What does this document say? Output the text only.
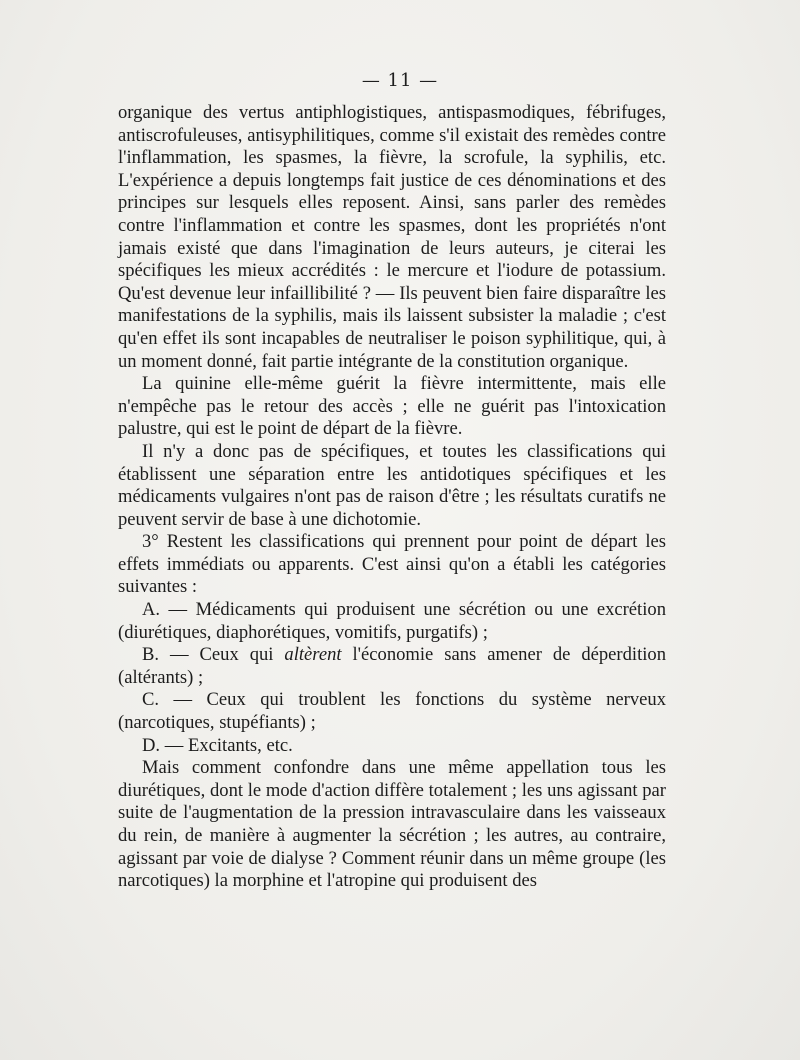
— 11 —

organique des vertus antiphlogistiques, antispasmodiques, fébrifuges, antiscrofuleuses, antisyphilitiques, comme s'il existait des remèdes contre l'inflammation, les spasmes, la fièvre, la scrofule, la syphilis, etc. L'expérience a depuis longtemps fait justice de ces dénominations et des principes sur lesquels elles reposent. Ainsi, sans parler des remèdes contre l'inflammation et contre les spasmes, dont les propriétés n'ont jamais existé que dans l'imagination de leurs auteurs, je citerai les spécifiques les mieux accrédités : le mercure et l'iodure de potassium. Qu'est devenue leur infaillibilité ? — Ils peuvent bien faire disparaître les manifestations de la syphilis, mais ils laissent subsister la maladie ; c'est qu'en effet ils sont incapables de neutraliser le poison syphilitique, qui, à un moment donné, fait partie intégrante de la constitution organique.

La quinine elle-même guérit la fièvre intermittente, mais elle n'empêche pas le retour des accès ; elle ne guérit pas l'intoxication palustre, qui est le point de départ de la fièvre.

Il n'y a donc pas de spécifiques, et toutes les classifications qui établissent une séparation entre les antidotiques spécifiques et les médicaments vulgaires n'ont pas de raison d'être ; les résultats curatifs ne peuvent servir de base à une dichotomie.

3° Restent les classifications qui prennent pour point de départ les effets immédiats ou apparents. C'est ainsi qu'on a établi les catégories suivantes :

A. — Médicaments qui produisent une sécrétion ou une excrétion (diurétiques, diaphorétiques, vomitifs, purgatifs) ;

B. — Ceux qui altèrent l'économie sans amener de déperdition (altérants) ;

C. — Ceux qui troublent les fonctions du système nerveux (narcotiques, stupéfiants) ;

D. — Excitants, etc.

Mais comment confondre dans une même appellation tous les diurétiques, dont le mode d'action diffère totalement ; les uns agissant par suite de l'augmentation de la pression intravasculaire dans les vaisseaux du rein, de manière à augmenter la sécrétion ; les autres, au contraire, agissant par voie de dialyse ? Comment réunir dans un même groupe (les narcotiques) la morphine et l'atropine qui produisent des
